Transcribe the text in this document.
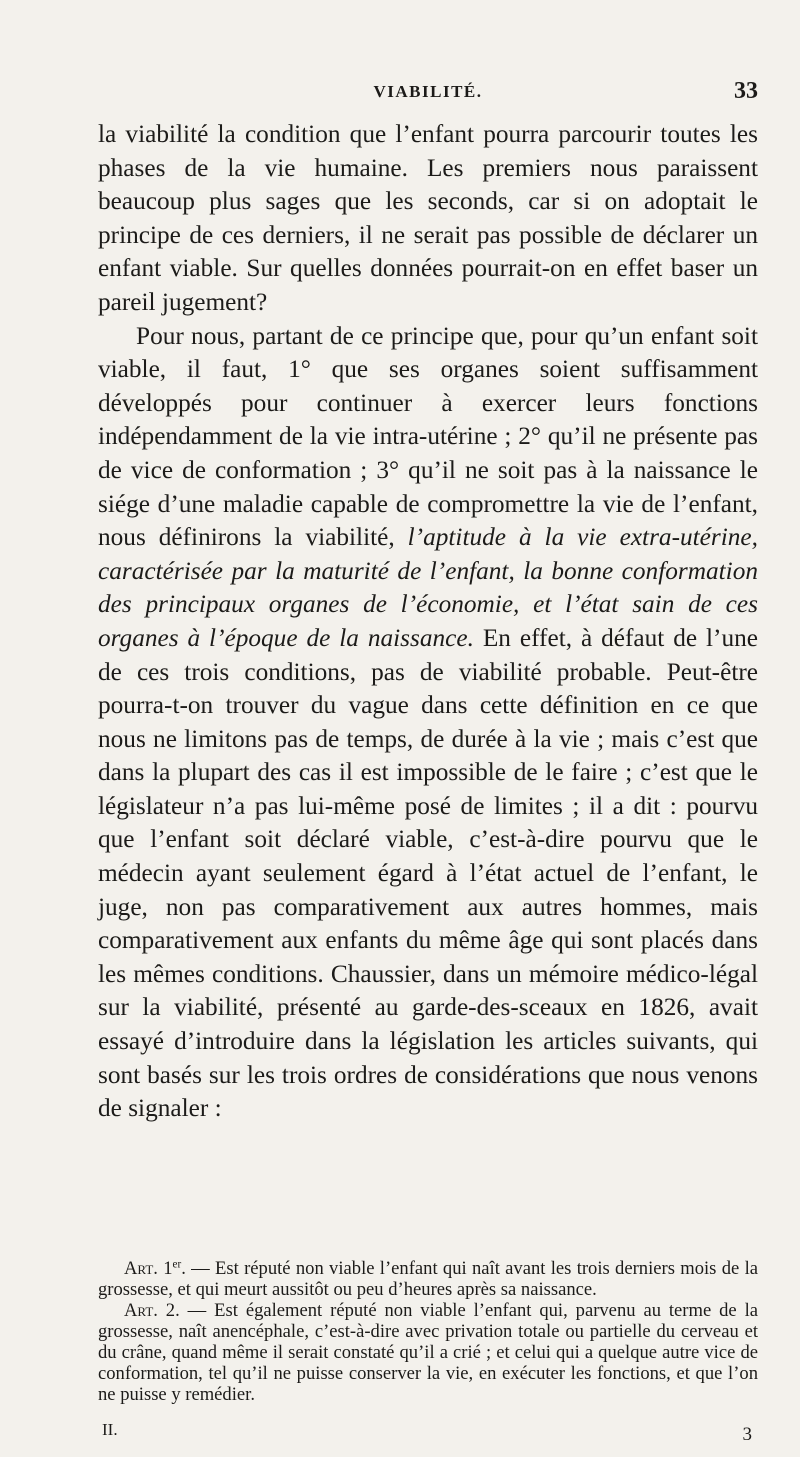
VIABILITÉ.	33

la viabilité la condition que l’enfant pourra parcourir toutes les phases de la vie humaine. Les premiers nous paraissent beaucoup plus sages que les seconds, car si on adoptait le principe de ces derniers, il ne serait pas possible de déclarer un enfant viable. Sur quelles données pourrait-on en effet baser un pareil jugement?

Pour nous, partant de ce principe que, pour qu’un enfant soit viable, il faut, 1° que ses organes soient suffisamment développés pour continuer à exercer leurs fonctions indépendamment de la vie intra-utérine ; 2° qu’il ne présente pas de vice de conformation ; 3° qu’il ne soit pas à la naissance le siége d’une maladie capable de compromettre la vie de l’enfant, nous définirons la viabilité, l’aptitude à la vie extra-utérine, caractérisée par la maturité de l’enfant, la bonne conformation des principaux organes de l’économie, et l’état sain de ces organes à l’époque de la naissance. En effet, à défaut de l’une de ces trois conditions, pas de viabilité probable. Peut-être pourra-t-on trouver du vague dans cette définition en ce que nous ne limitons pas de temps, de durée à la vie ; mais c’est que dans la plupart des cas il est impossible de le faire ; c’est que le législateur n’a pas lui-même posé de limites ; il a dit : pourvu que l’enfant soit déclaré viable, c’est-à-dire pourvu que le médecin ayant seulement égard à l’état actuel de l’enfant, le juge, non pas comparativement aux autres hommes, mais comparativement aux enfants du même âge qui sont placés dans les mêmes conditions. Chaussier, dans un mémoire médico-légal sur la viabilité, présenté au garde-des-sceaux en 1826, avait essayé d’introduire dans la législation les articles suivants, qui sont basés sur les trois ordres de considérations que nous venons de signaler :

Art. 1er. — Est réputé non viable l’enfant qui naît avant les trois derniers mois de la grossesse, et qui meurt aussitôt ou peu d’heures après sa naissance.

Art. 2. — Est également réputé non viable l’enfant qui, parvenu au terme de la grossesse, naît anencéphale, c’est-à-dire avec privation totale ou partielle du cerveau et du crâne, quand même il serait constaté qu’il a crié ; et celui qui a quelque autre vice de conformation, tel qu’il ne puisse conserver la vie, en exécuter les fonctions, et que l’on ne puisse y remédier.

II.	3
